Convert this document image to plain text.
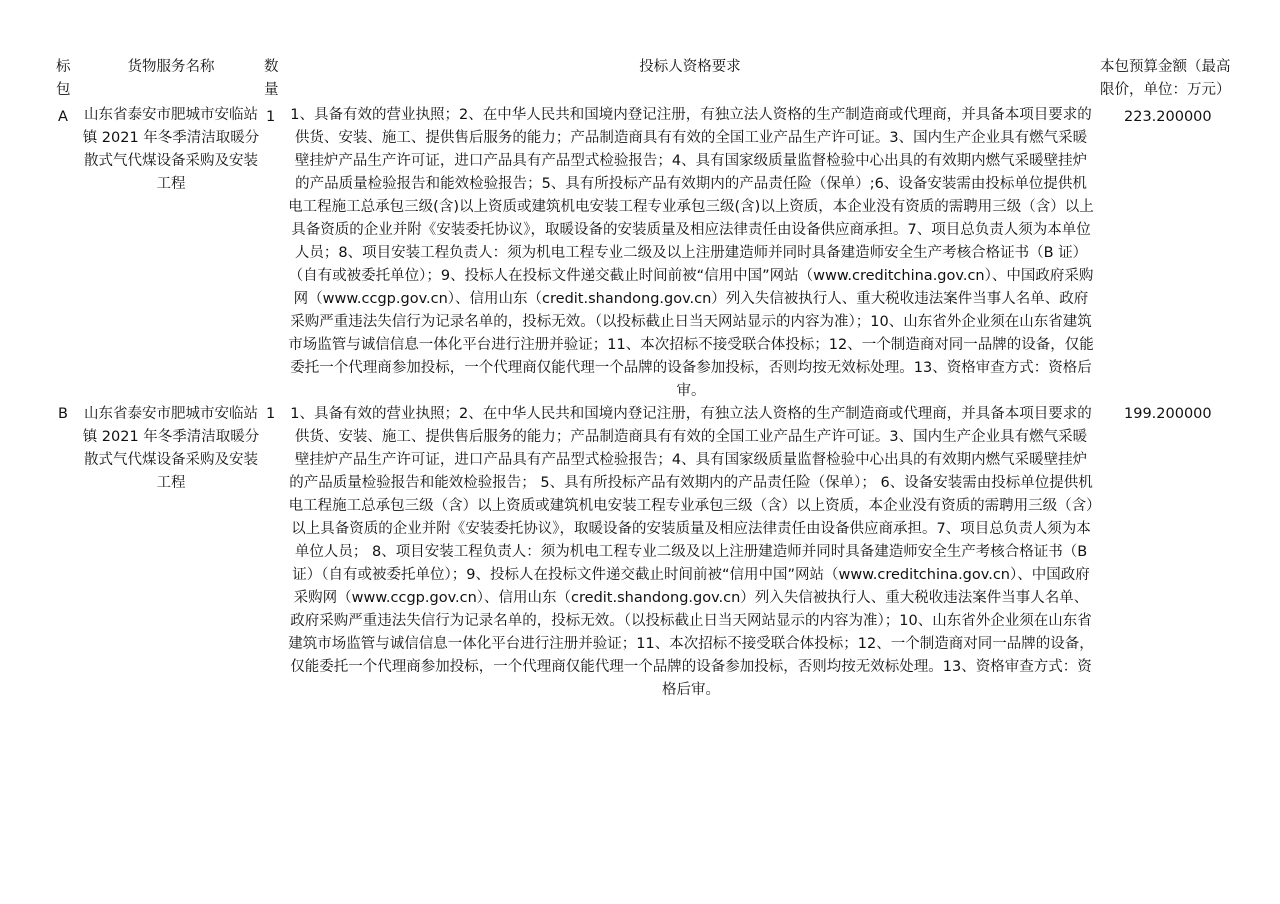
标包	货物服务名称	数量	投标人资格要求	本包预算金额（最高限价，单位：万元）
A	山东省泰安市肥城市安临站镇 2021 年冬季清洁取暖分散式气代煤设备采购及安装工程	1	1、具备有效的营业执照；2、在中华人民共和国境内登记注册，有独立法人资格的生产制造商或代理商，并具备本项目要求的供货、安装、施工、提供售后服务的能力；产品制造商具有有效的全国工业产品生产许可证。3、国内生产企业具有燃气采暖壁挂炉产品生产许可证，进口产品具有产品型式检验报告；4、具有国家级质量监督检验中心出具的有效期内燃气采暖壁挂炉的产品质量检验报告和能效检验报告；5、具有所投标产品有效期内的产品责任险（保单）;6、设备安装需由投标单位提供机电工程施工总承包三级(含)以上资质或建筑机电安装工程专业承包三级(含)以上资质，本企业没有资质的需聘用三级（含）以上具备资质的企业并附《安装委托协议》，取暖设备的安装质量及相应法律责任由设备供应商承担。7、项目总负责人须为本单位人员；8、项目安装工程负责人：须为机电工程专业二级及以上注册建造师并同时具备建造师安全生产考核合格证书（B 证）（自有或被委托单位）；9、投标人在投标文件递交截止时间前被“信用中国”网站（www.creditchina.gov.cn）、中国政府采购网（www.ccgp.gov.cn）、信用山东（credit.shandong.gov.cn）列入失信被执行人、重大税收违法案件当事人名单、政府采购严重违法失信行为记录名单的，投标无效。（以投标截止日当天网站显示的内容为准）；10、山东省外企业须在山东省建筑市场监管与诚信信息一体化平台进行注册并验证；11、本次招标不接受联合体投标；12、一个制造商对同一品牌的设备，仅能委托一个代理商参加投标，一个代理商仅能代理一个品牌的设备参加投标，否则均按无效标处理。13、资格审查方式：资格后审。	223.200000
B	山东省泰安市肥城市安临站镇 2021 年冬季清洁取暖分散式气代煤设备采购及安装工程	1	1、具备有效的营业执照；2、在中华人民共和国境内登记注册，有独立法人资格的生产制造商或代理商，并具备本项目要求的供货、安装、施工、提供售后服务的能力；产品制造商具有有效的全国工业产品生产许可证。3、国内生产企业具有燃气采暖壁挂炉产品生产许可证，进口产品具有产品型式检验报告；4、具有国家级质量监督检验中心出具的有效期内燃气采暖壁挂炉的产品质量检验报告和能效检验报告； 5、具有所投标产品有效期内的产品责任险（保单）； 6、设备安装需由投标单位提供机电工程施工总承包三级（含）以上资质或建筑机电安装工程专业承包三级（含）以上资质，本企业没有资质的需聘用三级（含）以上具备资质的企业并附《安装委托协议》，取暖设备的安装质量及相应法律责任由设备供应商承担。7、项目总负责人须为本单位人员； 8、项目安装工程负责人：须为机电工程专业二级及以上注册建造师并同时具备建造师安全生产考核合格证书（B 证）（自有或被委托单位）；9、投标人在投标文件递交截止时间前被“信用中国”网站（www.creditchina.gov.cn）、中国政府采购网（www.ccgp.gov.cn）、信用山东（credit.shandong.gov.cn）列入失信被执行人、重大税收违法案件当事人名单、政府采购严重违法失信行为记录名单的，投标无效。（以投标截止日当天网站显示的内容为准）；10、山东省外企业须在山东省建筑市场监管与诚信信息一体化平台进行注册并验证；11、本次招标不接受联合体投标；12、一个制造商对同一品牌的设备，仅能委托一个代理商参加投标，一个代理商仅能代理一个品牌的设备参加投标，否则均按无效标处理。13、资格审查方式：资格后审。	199.200000
